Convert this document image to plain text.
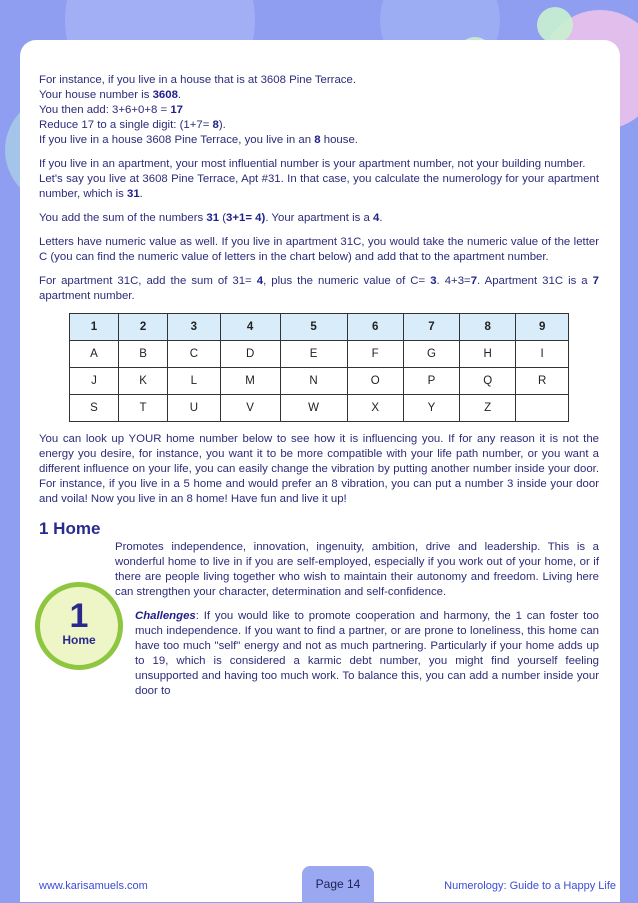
For instance, if you live in a house that is at 3608 Pine Terrace.

Your house number is 3608.

You then add: 3+6+0+8 = 17

Reduce 17 to a single digit: (1+7= 8).

If you live in a house 3608 Pine Terrace, you live in an 8 house.

If you live in an apartment, your most influential number is your apartment number, not your building number.

Let's say you live at 3608 Pine Terrace, Apt #31. In that case, you calculate the numerology for your apartment number, which is 31.

You add the sum of the numbers 31 (3+1= 4). Your apartment is a 4.

Letters have numeric value as well. If you live in apartment 31C, you would take the numeric value of the letter C (you can find the numeric value of letters in the chart below) and add that to the apartment number.

For apartment 31C, add the sum of 31= 4, plus the numeric value of C= 3. 4+3=7. Apartment 31C is a 7 apartment number.

1	2	3	4	5	6	7	8	9
A	B	C	D	E	F	G	H	I
J	K	L	M	N	O	P	Q	R
S	T	U	V	W	X	Y	Z	

You can look up YOUR home number below to see how it is influencing you. If for any reason it is not the energy you desire, for instance, you want it to be more compatible with your life path number, or you want a different influence on your life, you can easily change the vibration by putting another number inside your door. For instance, if you live in a 5 home and would prefer an 8 vibration, you can put a number 3 inside your door and voila! Now you live in an 8 home! Have fun and live it up!

1 Home
1
Home

Promotes independence, innovation, ingenuity, ambition, drive and leadership. This is a wonderful home to live in if you are self-employed, especially if you work out of your home, or if there are people living together who wish to maintain their autonomy and freedom. Living here can strengthen your character, determination and self-confidence.

Challenges: If you would like to promote cooperation and harmony, the 1 can foster too much independence. If you want to find a partner, or are prone to loneliness, this home can have too much "self" energy and not as much partnering. Particularly if your home adds up to 19, which is considered a karmic debt number, you might find yourself feeling unsupported and having too much work. To balance this, you can add a number inside your door to

www.karisamuels.com	Page 14	Numerology: Guide to a Happy Life
